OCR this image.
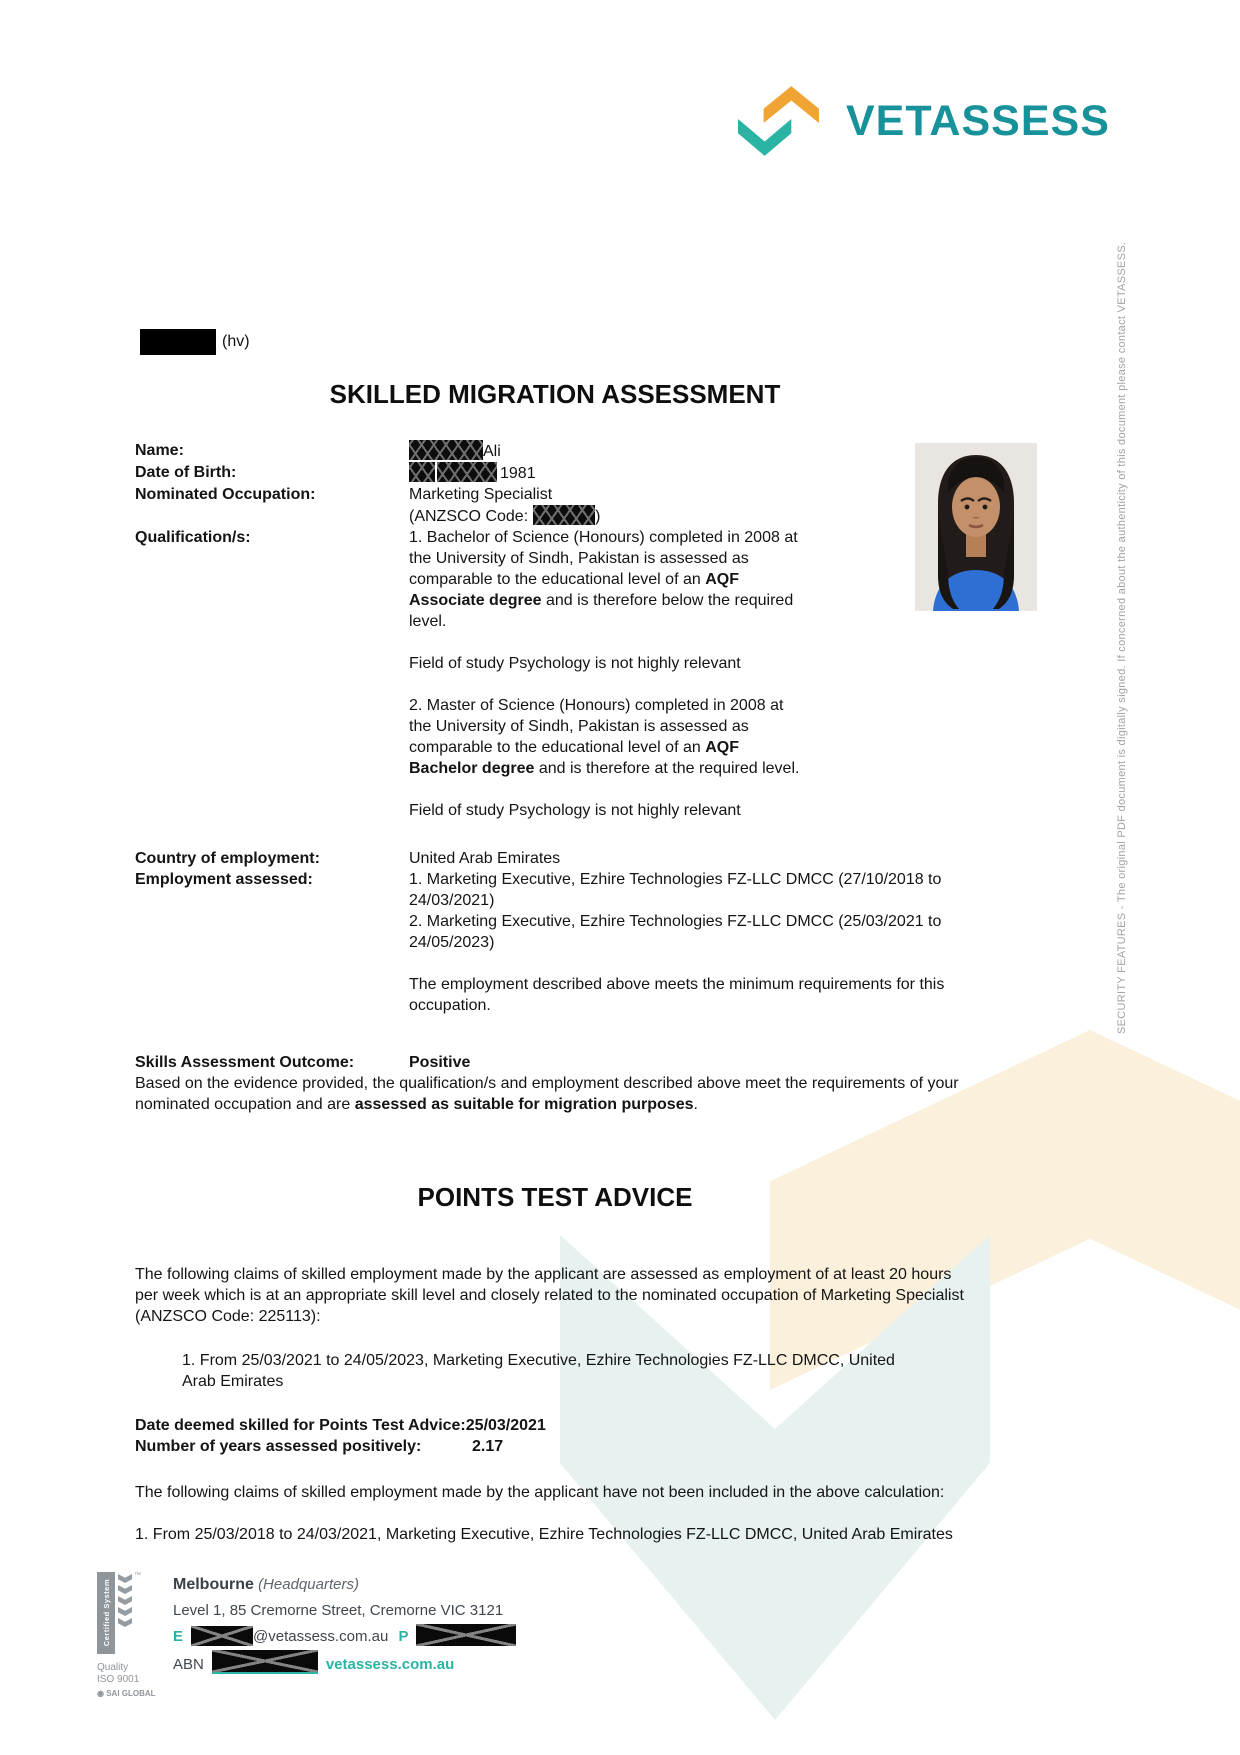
SECURITY FEATURES - The original PDF document is digitally signed. If concerned about the authenticity of this document please contact VETASSESS.
VETASSESS
(hv)
SKILLED MIGRATION ASSESSMENT
Name:	Ali
Date of Birth:	1981
Nominated Occupation:	Marketing Specialist
(ANZSCO Code:	)
Qualification/s:	1. Bachelor of Science (Honours) completed in 2008 at the University of Sindh, Pakistan is assessed as comparable to the educational level of an AQF Associate degree and is therefore below the required level.

Field of study Psychology is not highly relevant

2. Master of Science (Honours) completed in 2008 at the University of Sindh, Pakistan is assessed as comparable to the educational level of an AQF Bachelor degree and is therefore at the required level.

Field of study Psychology is not highly relevant

Country of employment:	United Arab Emirates
Employment assessed:	1. Marketing Executive, Ezhire Technologies FZ-LLC DMCC (27/10/2018 to 24/03/2021)
2. Marketing Executive, Ezhire Technologies FZ-LLC DMCC (25/03/2021 to 24/05/2023)

The employment described above meets the minimum requirements for this occupation.

Skills Assessment Outcome:	Positive

Based on the evidence provided, the qualification/s and employment described above meet the requirements of your nominated occupation and are assessed as suitable for migration purposes.

POINTS TEST ADVICE

The following claims of skilled employment made by the applicant are assessed as employment of at least 20 hours per week which is at an appropriate skill level and closely related to the nominated occupation of Marketing Specialist (ANZSCO Code: 225113):

1. From 25/03/2021 to 24/05/2023, Marketing Executive, Ezhire Technologies FZ-LLC DMCC, United Arab Emirates

Date deemed skilled for Points Test Advice:25/03/2021
Number of years assessed positively:	2.17

The following claims of skilled employment made by the applicant have not been included in the above calculation:

1. From 25/03/2018 to 24/03/2021, Marketing Executive, Ezhire Technologies FZ-LLC DMCC, United Arab Emirates

Certified System
™
Quality
ISO 9001
◉ SAI GLOBAL
Melbourne (Headquarters)
Level 1, 85 Cremorne Street, Cremorne VIC 3121
E	@vetassess.com.au P
ABN	vetassess.com.au
